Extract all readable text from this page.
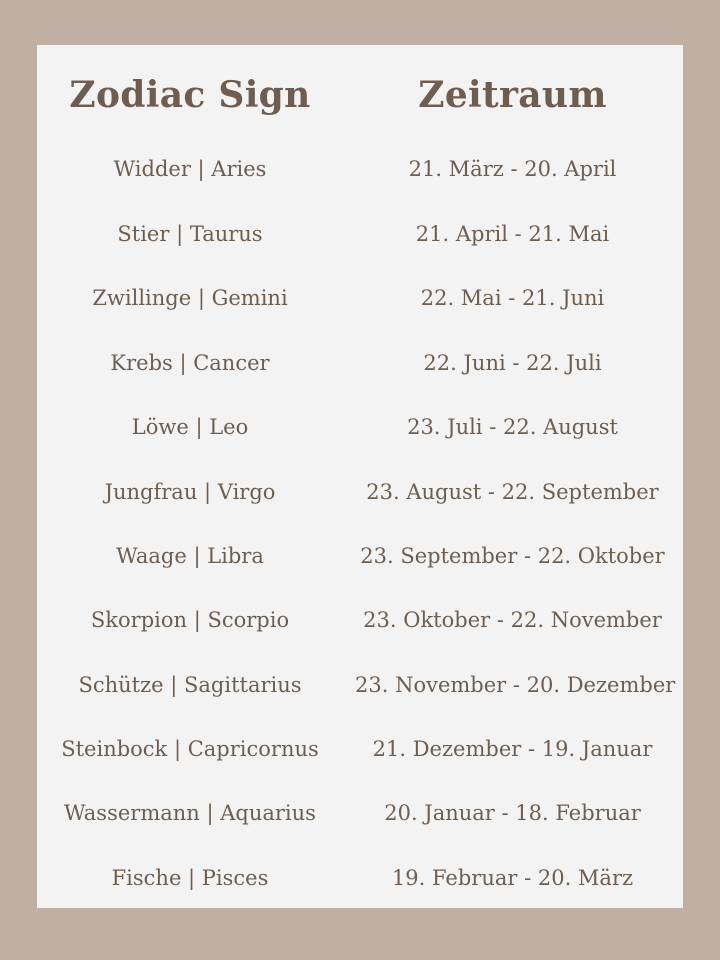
Zodiac Sign	Zeitraum
Widder | Aries	21. März - 20. April
Stier | Taurus	21. April - 21. Mai
Zwillinge | Gemini	22. Mai - 21. Juni
Krebs | Cancer	22. Juni - 22. Juli
Löwe | Leo	23. Juli - 22. August
Jungfrau | Virgo	23. August - 22. September
Waage | Libra	23. September - 22. Oktober
Skorpion | Scorpio	23. Oktober - 22. November
Schütze | Sagittarius	23. November - 20. Dezember
Steinbock | Capricornus	21. Dezember - 19. Januar
Wassermann | Aquarius	20. Januar - 18. Februar
Fische | Pisces	19. Februar - 20. März
